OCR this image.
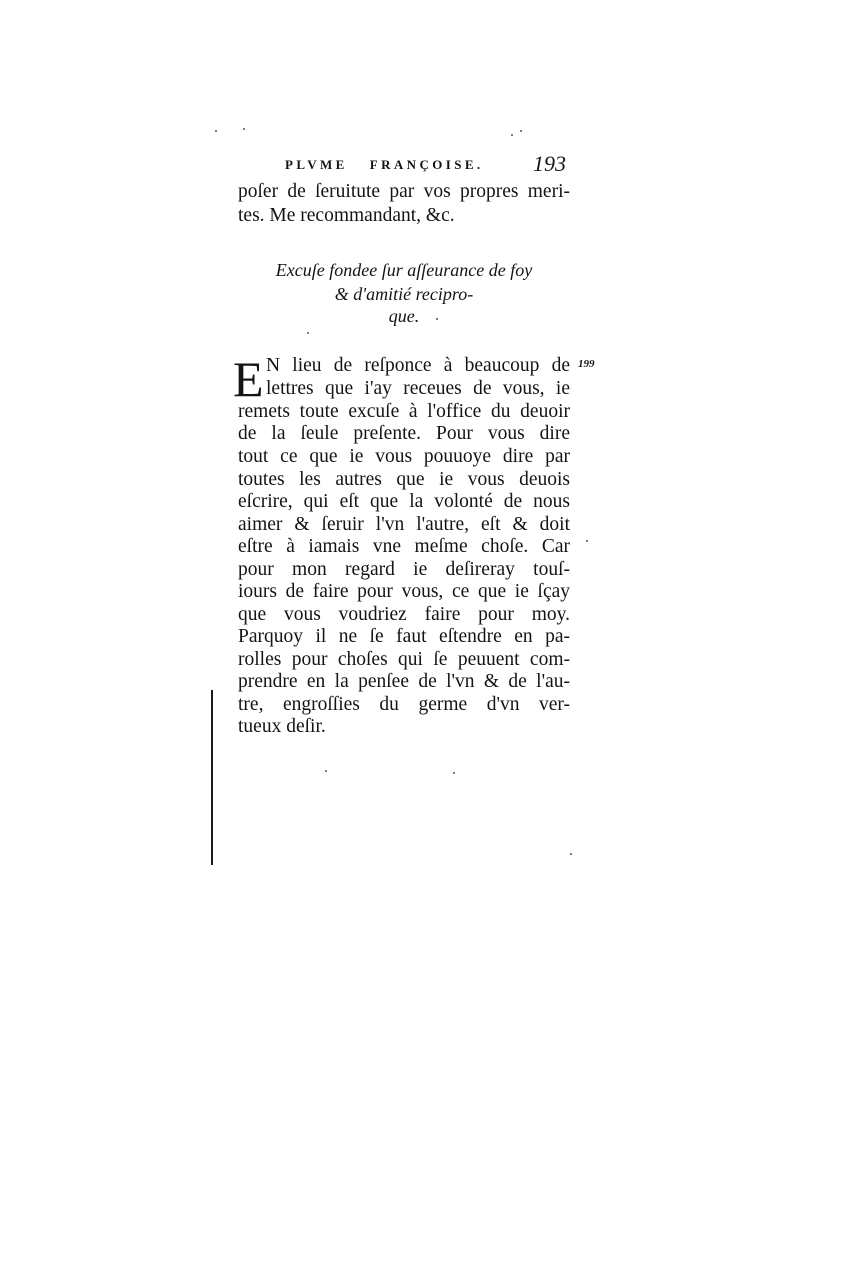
PLVME FRANÇOISE. 193
poſer de ſeruitute par vos propres meri-
tes. Me recommandant, &c.
Excuſe fondee ſur aſſeurance de foy
& d'amitié recipro-
que.
E	199
N lieu de reſponce à beaucoup de
lettres que i'ay receues de vous, ie
remets toute excuſe à l'office du deuoir
de la ſeule preſente. Pour vous dire
tout ce que ie vous pouuoye dire par
toutes les autres que ie vous deuois
eſcrire, qui eſt que la volonté de nous
aimer & ſeruir l'vn l'autre, eſt & doit
eſtre à iamais vne meſme choſe. Car
pour mon regard ie deſireray touſ-
iours de faire pour vous, ce que ie ſçay
que vous voudriez faire pour moy.
Parquoy il ne ſe faut eſtendre en pa-
rolles pour choſes qui ſe peuuent com-
prendre en la penſee de l'vn & de l'au-
tre, engroſſies du germe d'vn ver-
tueux deſir.
